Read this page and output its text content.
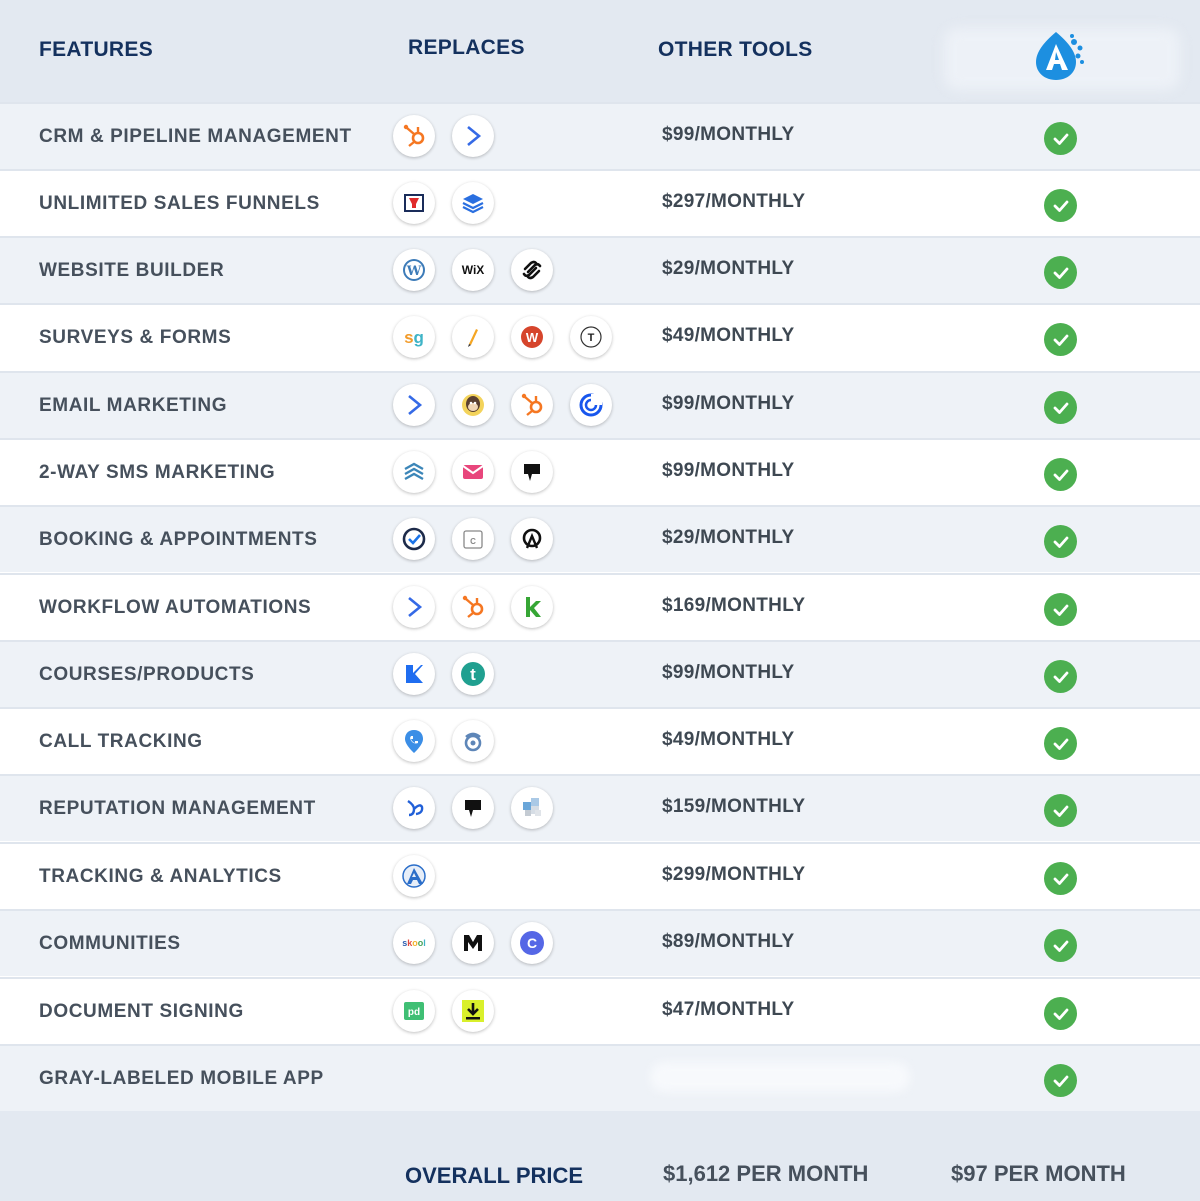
FEATURES	REPLACES	OTHER TOOLS
CRM & PIPELINE MANAGEMENT	$99/MONTHLY
UNLIMITED SALES FUNNELS	$297/MONTHLY
WEBSITE BUILDER	W	WiX	$29/MONTHLY
SURVEYS & FORMS	sg	W	T	$49/MONTHLY
EMAIL MARKETING	$99/MONTHLY
2-WAY SMS MARKETING	$99/MONTHLY
BOOKING & APPOINTMENTS	C	$29/MONTHLY
WORKFLOW AUTOMATIONS	$169/MONTHLY
COURSES/PRODUCTS	t	$99/MONTHLY
CALL TRACKING	$49/MONTHLY
REPUTATION MANAGEMENT	$159/MONTHLY
TRACKING & ANALYTICS	$299/MONTHLY
COMMUNITIES	skool	C	$89/MONTHLY
DOCUMENT SIGNING	pd	$47/MONTHLY
GRAY-LABELED MOBILE APP
OVERALL PRICE	$1,612 PER MONTH	$97 PER MONTH
